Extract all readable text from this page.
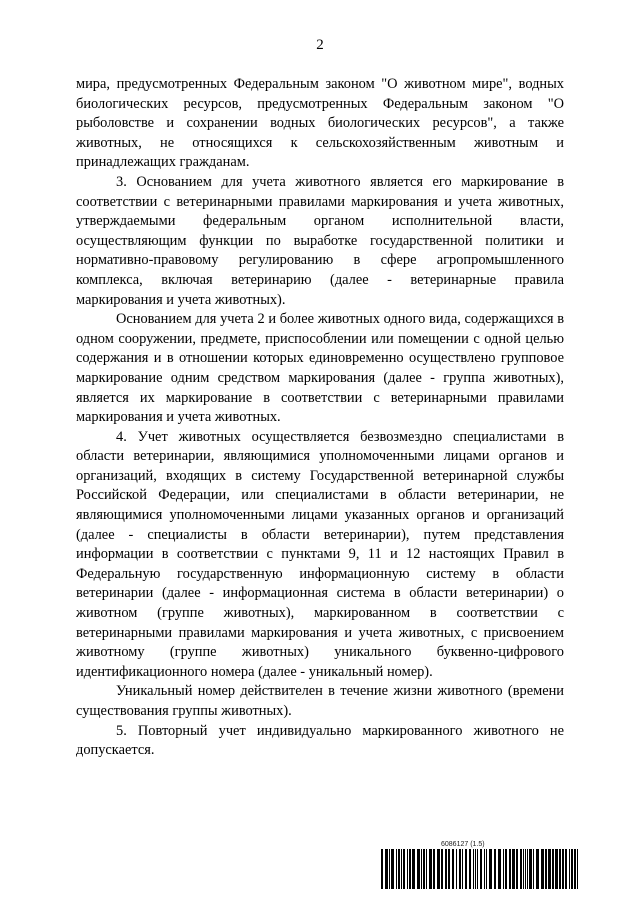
2

мира, предусмотренных Федеральным законом "О животном мире", водных биологических ресурсов, предусмотренных Федеральным законом "О рыболовстве и сохранении водных биологических ресурсов", а также животных, не относящихся к сельскохозяйственным животным и принадлежащих гражданам.

3. Основанием для учета животного является его маркирование в соответствии с ветеринарными правилами маркирования и учета животных, утверждаемыми федеральным органом исполнительной власти, осуществляющим функции по выработке государственной политики и нормативно-правовому регулированию в сфере агропромышленного комплекса, включая ветеринарию (далее - ветеринарные правила маркирования и учета животных).

Основанием для учета 2 и более животных одного вида, содержащихся в одном сооружении, предмете, приспособлении или помещении с одной целью содержания и в отношении которых единовременно осуществлено групповое маркирование одним средством маркирования (далее - группа животных), является их маркирование в соответствии с ветеринарными правилами маркирования и учета животных.

4. Учет животных осуществляется безвозмездно специалистами в области ветеринарии, являющимися уполномоченными лицами органов и организаций, входящих в систему Государственной ветеринарной службы Российской Федерации, или специалистами в области ветеринарии, не являющимися уполномоченными лицами указанных органов и организаций (далее - специалисты в области ветеринарии), путем представления информации в соответствии с пунктами 9, 11 и 12 настоящих Правил в Федеральную государственную информационную систему в области ветеринарии (далее - информационная система в области ветеринарии) о животном (группе животных), маркированном в соответствии с ветеринарными правилами маркирования и учета животных, с присвоением животному (группе животных) уникального буквенно-цифрового идентификационного номера (далее - уникальный номер).

Уникальный номер действителен в течение жизни животного (времени существования группы животных).

5. Повторный учет индивидуально маркированного животного не допускается.

6086127 (1.5)
